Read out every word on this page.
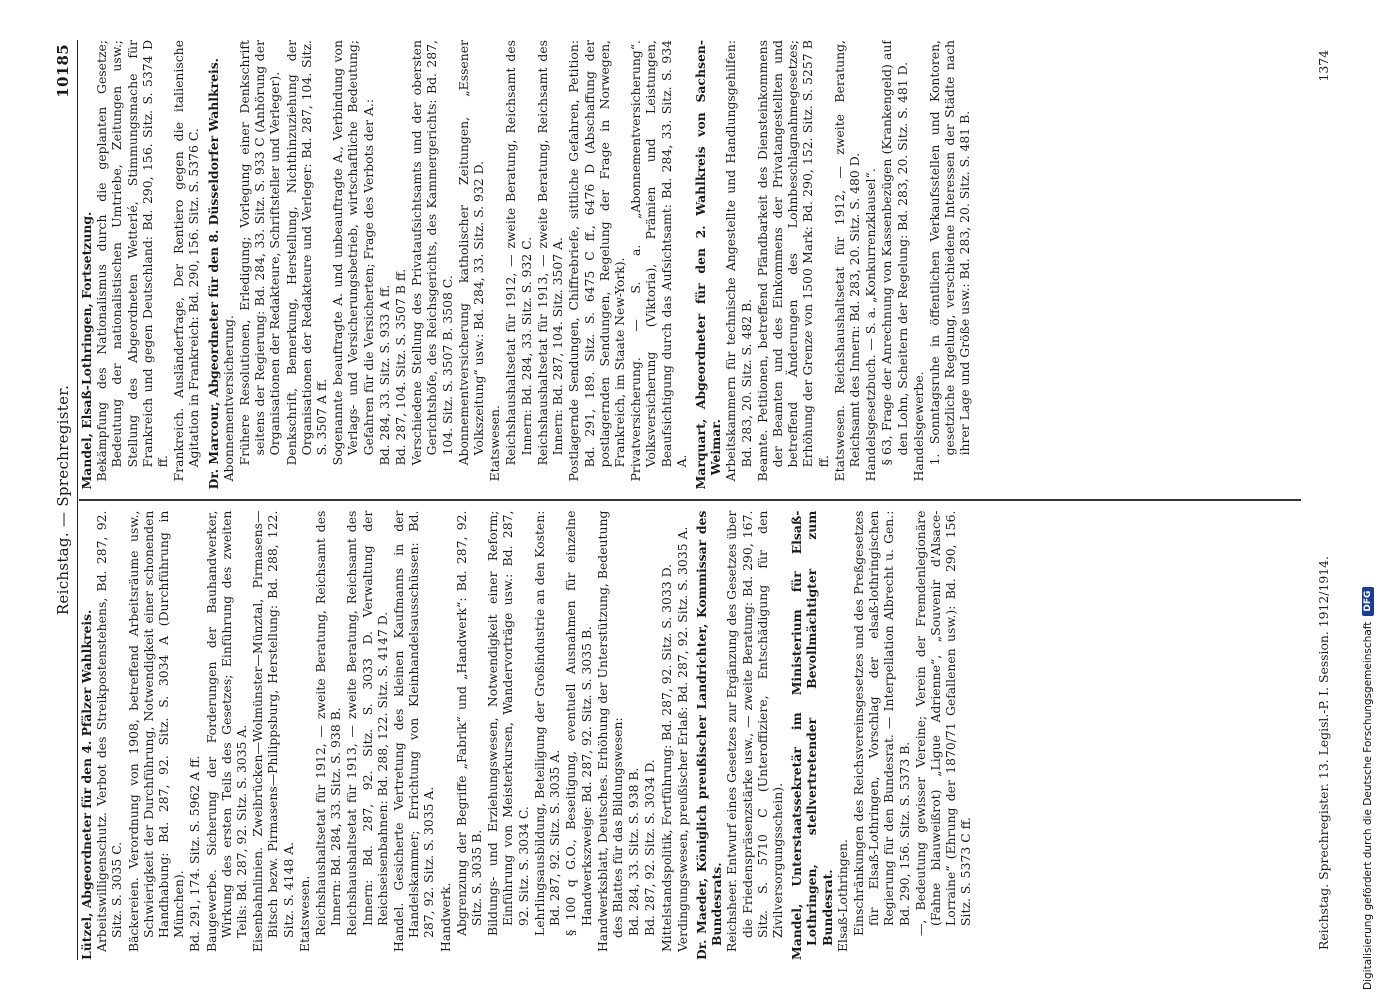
Reichstag. — Sprechregister.
10185
Lützel, Abgeordneter für den 4. Pfälzer Wahlkreis. Arbeitswilligenschutz. Verbot des Streikpostenstehens, Bd. 287, 92. Sitz. S. 3035 C. Bäckereien. Verordnung von 1908, betreffend Arbeitsräume usw., Schwierigkeit der Durchführung, Notwendigkeit einer schonenden Handhabung: Bd. 287, 92. Sitz. S. 3034 A (Durchführung in München). Bd. 291, 174. Sitz. S. 5962 A ff. Baugewerbe. Sicherung der Forderungen der Bauhandwerker, Wirkung des ersten Teils des Gesetzes; Einführung des zweiten Teils: Bd. 287, 92. Sitz. S. 3035 A. Eisenbahnlinien. Zweibrücken—Wolmünster—Münztal, Pirmasens—Bitsch bezw. Pirmasens—Philippsburg, Herstellung: Bd. 288, 122. Sitz. S. 4148 A. Etatswesen. Reichshaushaltsetat für 1912, — zweite Beratung, Reichsamt des Innern: Bd. 284, 33. Sitz. S. 938 B. Reichshaushaltsetat für 1913, — zweite Beratung, Reichsamt des Innern: Bd. 287, 92. Sitz. S. 3033 D. Verwaltung der Reichseisenbahnen: Bd. 288, 122. Sitz. S. 4147 D. Handel. Gesicherte Vertretung des kleinen Kaufmanns in der Handelskammer; Errichtung von Kleinhandelsausschüssen: Bd. 287, 92. Sitz. S. 3035 A. Handwerk. Abgrenzung der Begriffe „Fabrik“ und „Handwerk“: Bd. 287, 92. Sitz. S. 3035 B. Bildungs- und Erziehungswesen, Notwendigkeit einer Reform; Einführung von Meisterkursen, Wandervorträge usw.: Bd. 287, 92. Sitz. S. 3034 C. Lehrlingsausbildung, Beteiligung der Großindustrie an den Kosten: Bd. 287, 92. Sitz. S. 3035 A. § 100 q G.O., Beseitigung, eventuell Ausnahmen für einzelne Handwerkszweige: Bd. 287, 92. Sitz. S. 3035 B. Handwerksblatt, Deutsches. Erhöhung der Unterstützung, Bedeutung des Blattes für das Bildungswesen: Bd. 284, 33. Sitz. S. 938 B. Bd. 287, 92. Sitz. S. 3034 D. Mittelstandspolitik, Fortführung: Bd. 287, 92. Sitz. S. 3033 D. Verdingungswesen, preußischer Erlaß: Bd. 287, 92. Sitz. S. 3035 A. Dr. Maeder, Königlich preußischer Landrichter, Kommissar des Bundesrats. Reichsheer. Entwurf eines Gesetzes zur Ergänzung des Gesetzes über die Friedenspräsenzstärke usw., — zweite Beratung: Bd. 290, 167. Sitz. S. 5710 C (Unteroffiziere, Entschädigung für den Zivilversorgungsschein). Mandel, Unterstaatssekretär im Ministerium für Elsaß-Lothringen, stellvertretender Bevollmächtigter zum Bundesrat. Elsaß-Lothringen. Einschränkungen des Reichsvereinsgesetzes und des Preßgesetzes für Elsaß-Lothringen, Vorschlag der elsaß-lothringischen Regierung für den Bundesrat. — Interpellation Albrecht u. Gen.: Bd. 290, 156. Sitz. S. 5373 B. —, Bedeutung gewisser Vereine; Verein der Fremdenlegionäre (Fahne blauweißrot) „Ligue Adrienne“, „Souvenir d'Alsace-Lorraine“ (Ehrung der 1870/71 Gefallenen usw.): Bd. 290, 156. Sitz. S. 5373 C ff.
Mandel, Elsaß-Lothringen, Fortsetzung. Bekämpfung des Nationalismus durch die geplanten Gesetze; Bedeutung der nationalistischen Umtriebe, Zeitungen usw.; Stellung des Abgeordneten Wetterlé, Stimmungsmache für Frankreich und gegen Deutschland: Bd. 290, 156. Sitz. S. 5374 D ff. Frankreich. Ausländerfrage, Der Rentiero gegen die italienische Agitation in Frankreich: Bd. 290, 156. Sitz. S. 5376 C. Dr. Marcour, Abgeordneter für den 8. Düsseldorfer Wahlkreis. Abonnementversicherung. Frühere Resolutionen, Erledigung; Vorlegung einer Denkschrift seitens der Regierung: Bd. 284, 33. Sitz. S. 933 C (Anhörung der Organisationen der Redakteure, Schriftsteller und Verleger). Denkschrift, Bemerkung, Herstellung, Nichthinzuziehung der Organisationen der Redakteure und Verleger: Bd. 287, 104. Sitz. S. 3507 A ff. Sogenannte beauftragte A. und unbeauftragte A., Verbindung von Verlags- und Versicherungsbetrieb, wirtschaftliche Bedeutung; Gefahren für die Versicherten; Frage des Verbots der A.: Bd. 284, 33. Sitz. S. 933 A ff. Bd. 287, 104. Sitz. S. 3507 B ff. Verschiedene Stellung des Privataufsichtsamts und der obersten Gerichtshöfe, des Reichsgerichts, des Kammergerichts: Bd. 287, 104. Sitz. S. 3507 B. 3508 C. Abonnementversicherung katholischer Zeitungen, „Essener Volkszeitung“ usw.: Bd. 284, 33. Sitz. S. 932 D. Etatswesen. Reichshaushaltsetat für 1912, — zweite Beratung, Reichsamt des Innern: Bd. 284, 33. Sitz. S. 932 C. Reichshaushaltsetat für 1913, — zweite Beratung, Reichsamt des Innern: Bd. 287, 104. Sitz. 3507 A. Postlagernde Sendungen, Chiffrebriefe, sittliche Gefahren, Petition: Bd. 291, 189. Sitz. S. 6475 C ff., 6476 D (Abschaffung der postlagernden Sendungen, Regelung der Frage in Norwegen, Frankreich, im Staate New-York). Privatversicherung. — S. a. „Abonnementversicherung“. Volksversicherung (Viktoria), Prämien und Leistungen, Beaufsichtigung durch das Aufsichtsamt: Bd. 284, 33. Sitz. S. 934 A. Marquart, Abgeordneter für den 2. Wahlkreis von Sachsen-Weimar. Arbeitskammern für technische Angestellte und Handlungsgehilfen: Bd. 283, 20. Sitz. S. 482 B. Beamte. Petitionen, betreffend Pfändbarkeit des Diensteinkommens der Beamten und des Einkommens der Privatangestellten und betreffend Änderungen des Lohnbeschlagnahmegesetzes; Erhöhung der Grenze von 1500 Mark: Bd. 290, 152. Sitz. S. 5257 B ff. Etatswesen. Reichshaushaltsetat für 1912, — zweite Beratung, Reichsamt des Innern: Bd. 283, 20. Sitz. S. 480 D. Handelsgesetzbuch. — S. a. „Konkurrenzklausel“. § 63, Frage der Anrechnung von Kassenbezügen (Krankengeld) auf den Lohn, Scheitern der Regelung: Bd. 283, 20. Sitz. S. 481 D. Handelsgewerbe. 1. Sonntagsruhe in öffentlichen Verkaufsstellen und Kontoren, gesetzliche Regelung, verschiedene Interessen der Städte nach ihrer Lage und Größe usw.: Bd. 283, 20. Sitz. S. 481 B.
Reichstag. Sprechregister. 13. Legisl.-P. I. Session. 1912/1914.
1374
Digitalisierung gefördert durch die Deutsche Forschungsgemeinschaft
DFG
